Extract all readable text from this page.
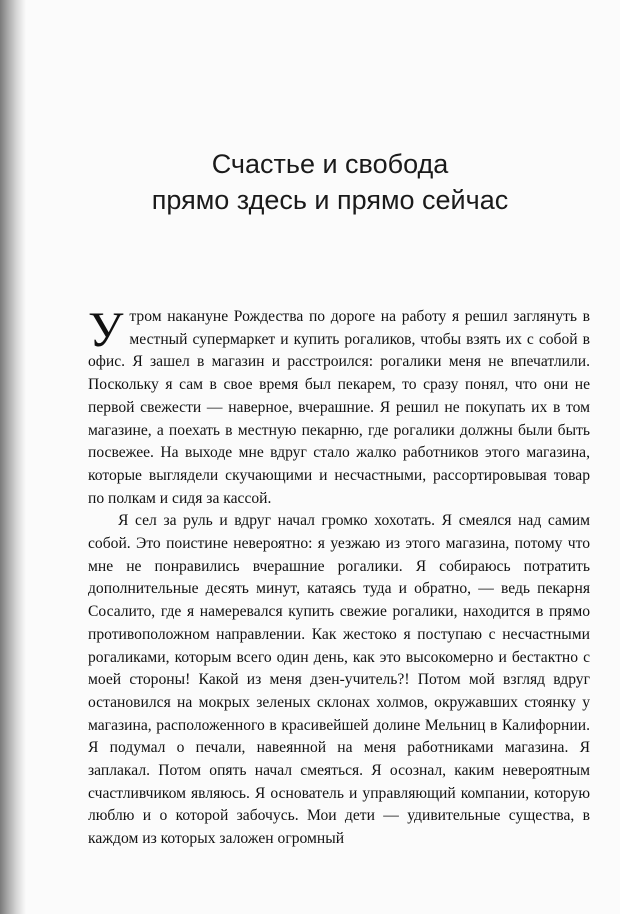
Счастье и свобода
прямо здесь и прямо сейчас

Утром накануне Рождества по дороге на работу я решил заглянуть в местный супермаркет и купить рогаликов, чтобы взять их с собой в офис. Я зашел в магазин и расстроился: рогалики меня не впечатлили. Поскольку я сам в свое время был пекарем, то сразу понял, что они не первой свежести — наверное, вчерашние. Я решил не покупать их в том магазине, а поехать в местную пекарню, где рогалики должны были быть посвежее. На выходе мне вдруг стало жалко работников этого магазина, которые выглядели скучающими и несчастными, рассортировывая товар по полкам и сидя за кассой.

Я сел за руль и вдруг начал громко хохотать. Я смеялся над самим собой. Это поистине невероятно: я уезжаю из этого магазина, потому что мне не понравились вчерашние рогалики. Я собираюсь потратить дополнительные десять минут, катаясь туда и обратно, — ведь пекарня Сосалито, где я намеревался купить свежие рогалики, находится в прямо противоположном направлении. Как жестоко я поступаю с несчастными рогаликами, которым всего один день, как это высокомерно и бестактно с моей стороны! Какой из меня дзен-учитель?! Потом мой взгляд вдруг остановился на мокрых зеленых склонах холмов, окружавших стоянку у магазина, расположенного в красивейшей долине Мельниц в Калифорнии. Я подумал о печали, навеянной на меня работниками магазина. Я заплакал. Потом опять начал смеяться. Я осознал, каким невероятным счастливчиком являюсь. Я основатель и управляющий компании, которую люблю и о которой забочусь. Мои дети — удивительные существа, в каждом из которых заложен огромный
